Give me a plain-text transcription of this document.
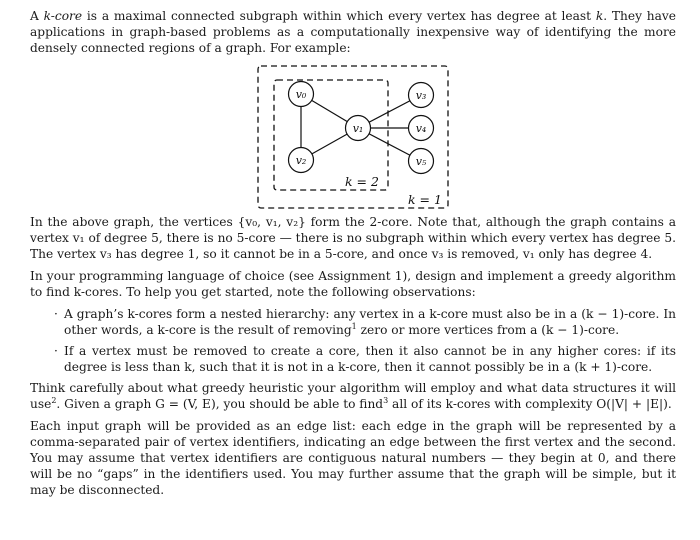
A k-core is a maximal connected subgraph within which every vertex has degree at least k. They have applications in graph-based problems as a computationally inexpensive way of identifying the more densely connected regions of a graph. For example:

v₀
v₁
v₂
v₃
v₄
v₅
k = 2
k = 1

In the above graph, the vertices {v₀, v₁, v₂} form the 2-core. Note that, although the graph contains a vertex v₁ of degree 5, there is no 5-core — there is no subgraph within which every vertex has degree 5. The vertex v₃ has degree 1, so it cannot be in a 5-core, and once v₃ is removed, v₁ only has degree 4.

In your programming language of choice (see Assignment 1), design and implement a greedy algorithm to find k-cores. To help you get started, note the following observations:

· A graph’s k-cores form a nested hierarchy: any vertex in a k-core must also be in a (k − 1)-core. In other words, a k-core is the result of removing$^1$ zero or more vertices from a (k − 1)-core.
· If a vertex must be removed to create a core, then it also cannot be in any higher cores: if its degree is less than k, such that it is not in a k-core, then it cannot possibly be in a (k + 1)-core.

Think carefully about what greedy heuristic your algorithm will employ and what data structures it will use$^2$. Given a graph G = (V, E), you should be able to find$^3$ all of its k-cores with complexity O(|V| + |E|).

Each input graph will be provided as an edge list: each edge in the graph will be represented by a comma-separated pair of vertex identifiers, indicating an edge between the first vertex and the second. You may assume that vertex identifiers are contiguous natural numbers — they begin at 0, and there will be no “gaps” in the identifiers used. You may further assume that the graph will be simple, but it may be disconnected.
